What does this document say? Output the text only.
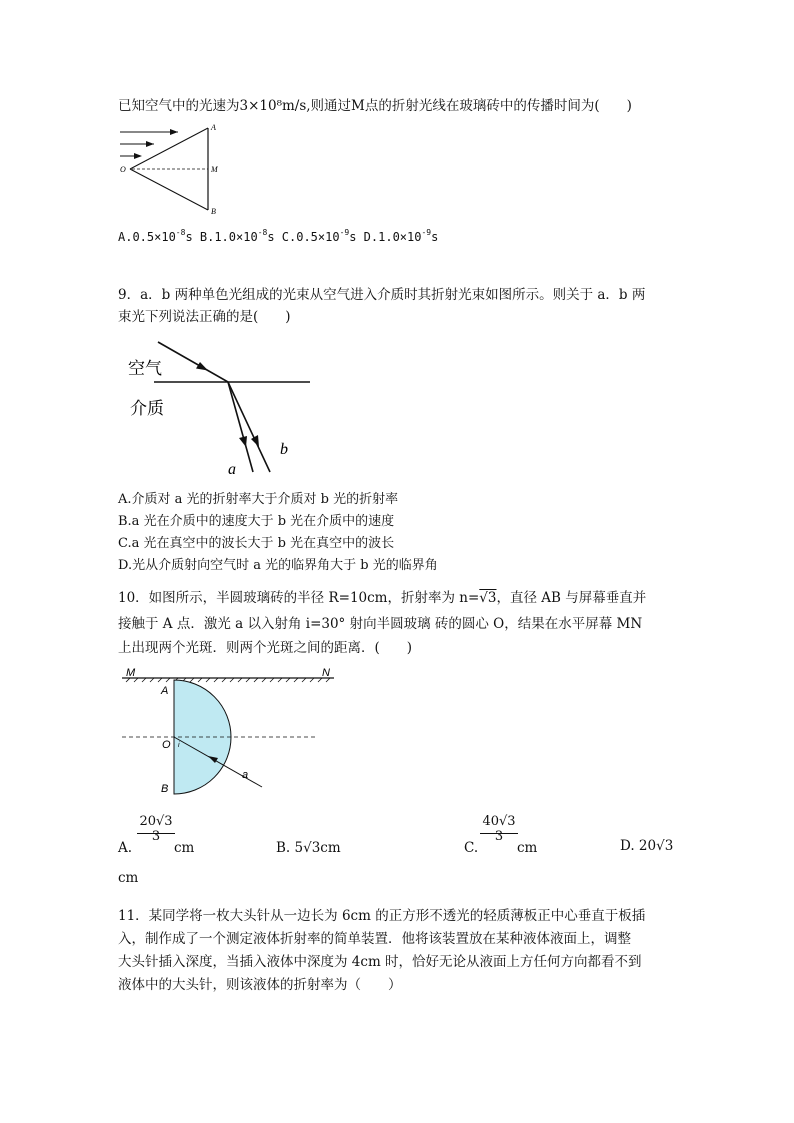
已知空气中的光速为3×10⁸m/s,则通过M点的折射光线在玻璃砖中的传播时间为(　　)
A
M
B
O
$A.0.5\times 10^{-8}s$ $B.1.0\times 10^{-8}s$ $C.0.5\times 10^{-9}s$ $D.1.0\times 10^{-9}s$
9．a．b 两种单色光组成的光束从空气进入介质时其折射光束如图所示。则关于 a．b 两
束光下列说法正确的是(　　)
空气
介质
a
b
A.介质对 a 光的折射率大于介质对 b 光的折射率
B.a 光在介质中的速度大于 b 光在介质中的速度
C.a 光在真空中的波长大于 b 光在真空中的波长
D.光从介质射向空气时 a 光的临界角大于 b 光的临界角
10．如图所示，半圆玻璃砖的半径 R=10cm，折射率为 n=√3，直径 AB 与屏幕垂直并
接触于 A 点．激光 a 以入射角 i=30° 射向半圆玻璃 砖的圆心 O，结果在水平屏幕 MN
上出现两个光斑．则两个光斑之间的距离．(　　)
M	N
A
O
B
a
i
A.
20√3
3
cm	B. 5√3cm	C.
40√3
3
cm	D. 20√3
cm
11．某同学将一枚大头针从一边长为 6cm 的正方形不透光的轻质薄板正中心垂直于板插
入，制作成了一个测定液体折射率的简单装置．他将该装置放在某种液体液面上，调整
大头针插入深度，当插入液体中深度为 4cm 时，恰好无论从液面上方任何方向都看不到
液体中的大头针，则该液体的折射率为（　　）
